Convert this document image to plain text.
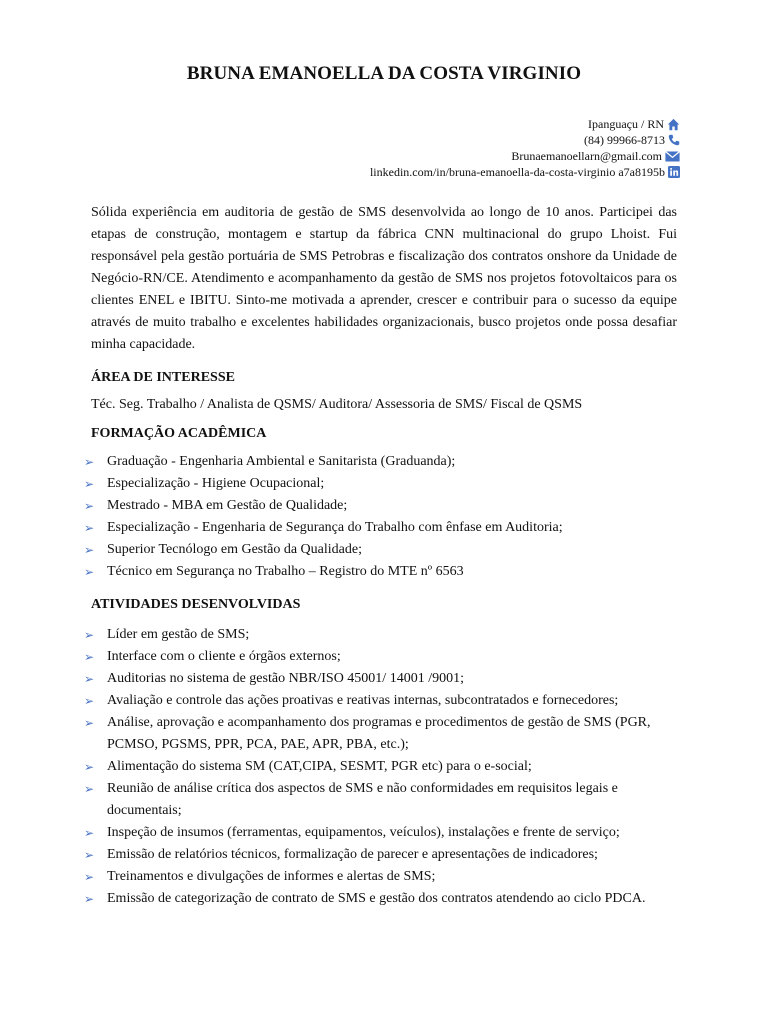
BRUNA EMANOELLA DA COSTA VIRGINIO
Ipanguaçu / RN
(84) 99966-8713
Brunaemanoellarn@gmail.com
linkedin.com/in/bruna-emanoella-da-costa-virginio a7a8195b

Sólida experiência em auditoria de gestão de SMS desenvolvida ao longo de 10 anos. Participei das etapas de construção, montagem e startup da fábrica CNN multinacional do grupo Lhoist. Fui responsável pela gestão portuária de SMS Petrobras e fiscalização dos contratos onshore da Unidade de Negócio-RN/CE. Atendimento e acompanhamento da gestão de SMS nos projetos fotovoltaicos para os clientes ENEL e IBITU. Sinto-me motivada a aprender, crescer e contribuir para o sucesso da equipe através de muito trabalho e excelentes habilidades organizacionais, busco projetos onde possa desafiar minha capacidade.

ÁREA DE INTERESSE

Téc. Seg. Trabalho / Analista de QSMS/ Auditora/ Assessoria de SMS/ Fiscal de QSMS

FORMAÇÃO ACADÊMICA
➢ Graduação - Engenharia Ambiental e Sanitarista (Graduanda);
➢ Especialização - Higiene Ocupacional;
➢ Mestrado - MBA em Gestão de Qualidade;
➢ Especialização - Engenharia de Segurança do Trabalho com ênfase em Auditoria;
➢ Superior Tecnólogo em Gestão da Qualidade;
➢ Técnico em Segurança no Trabalho – Registro do MTE nº 6563
ATIVIDADES DESENVOLVIDAS
➢ Líder em gestão de SMS;
➢ Interface com o cliente e órgãos externos;
➢ Auditorias no sistema de gestão NBR/ISO 45001/ 14001 /9001;
➢ Avaliação e controle das ações proativas e reativas internas, subcontratados e fornecedores;
➢ Análise, aprovação e acompanhamento dos programas e procedimentos de gestão de SMS (PGR, PCMSO, PGSMS, PPR, PCA, PAE, APR, PBA, etc.);
➢ Alimentação do sistema SM (CAT,CIPA, SESMT, PGR etc) para o e-social;
➢ Reunião de análise crítica dos aspectos de SMS e não conformidades em requisitos legais e documentais;
➢ Inspeção de insumos (ferramentas, equipamentos, veículos), instalações e frente de serviço;
➢ Emissão de relatórios técnicos, formalização de parecer e apresentações de indicadores;
➢ Treinamentos e divulgações de informes e alertas de SMS;
➢ Emissão de categorização de contrato de SMS e gestão dos contratos atendendo ao ciclo PDCA.
